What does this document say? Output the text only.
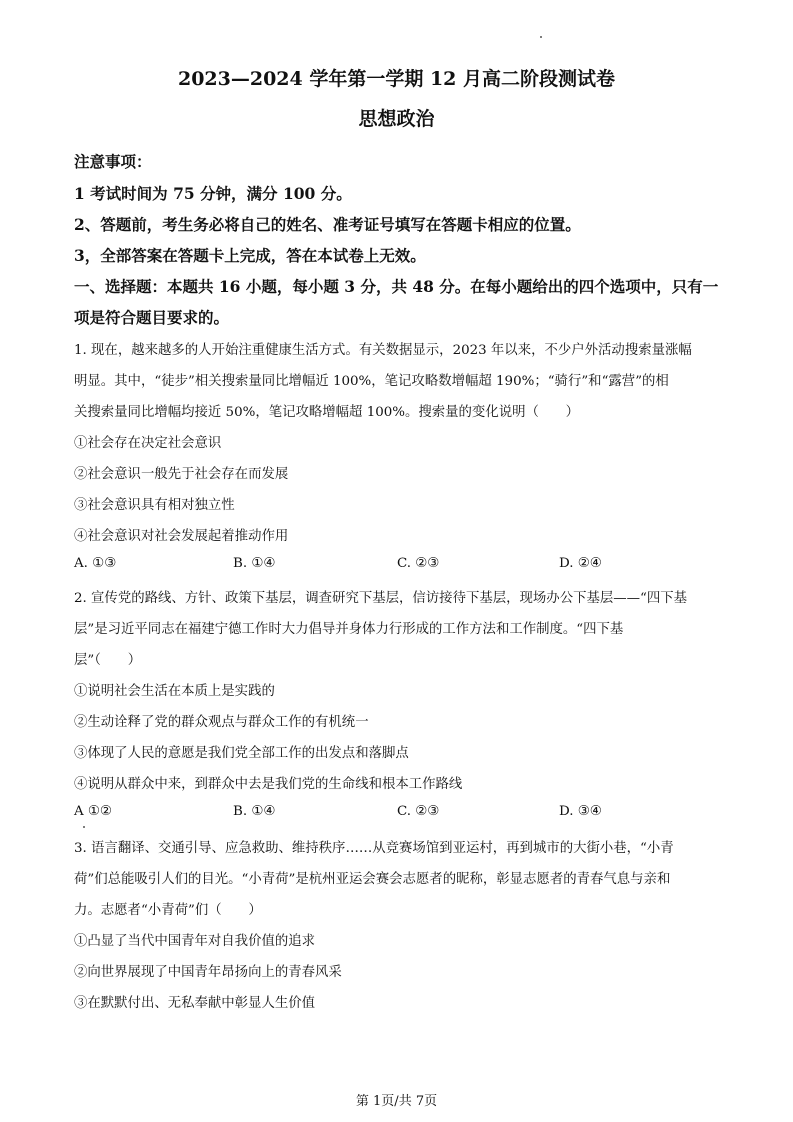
2023—2024 学年第一学期 12 月高二阶段测试卷
思想政治
注意事项：
1 考试时间为 75 分钟，满分 100 分。
2、答题前，考生务必将自己的姓名、准考证号填写在答题卡相应的位置。
3，全部答案在答题卡上完成，答在本试卷上无效。
一、选择题：本题共 16 小题，每小题 3 分，共 48 分。在每小题给出的四个选项中，只有一
项是符合题目要求的。
1. 现在，越来越多的人开始注重健康生活方式。有关数据显示，2023 年以来，不少户外活动搜索量涨幅
明显。其中，“徒步”相关搜索量同比增幅近 100%，笔记攻略数增幅超 190%；“骑行”和“露营”的相
关搜索量同比增幅均接近 50%，笔记攻略增幅超 100%。搜索量的变化说明（　　）
①社会存在决定社会意识
②社会意识一般先于社会存在而发展
③社会意识具有相对独立性
④社会意识对社会发展起着推动作用
A. ①③	B. ①④	C. ②③	D. ②④
2. 宣传党的路线、方针、政策下基层，调查研究下基层，信访接待下基层，现场办公下基层——“四下基
层”是习近平同志在福建宁德工作时大力倡导并身体力行形成的工作方法和工作制度。“四下基
层”（　　）
①说明社会生活在本质上是实践的
②生动诠释了党的群众观点与群众工作的有机统一
③体现了人民的意愿是我们党全部工作的出发点和落脚点
④说明从群众中来，到群众中去是我们党的生命线和根本工作路线
A ①②	B. ①④	C. ②③	D. ③④
3. 语言翻译、交通引导、应急救助、维持秩序……从竞赛场馆到亚运村，再到城市的大街小巷，“小青
荷”们总能吸引人们的目光。“小青荷”是杭州亚运会赛会志愿者的昵称，彰显志愿者的青春气息与亲和
力。志愿者“小青荷”们（　　）
①凸显了当代中国青年对自我价值的追求
②向世界展现了中国青年昂扬向上的青春风采
③在默默付出、无私奉献中彰显人生价值
第 1页/共 7页
